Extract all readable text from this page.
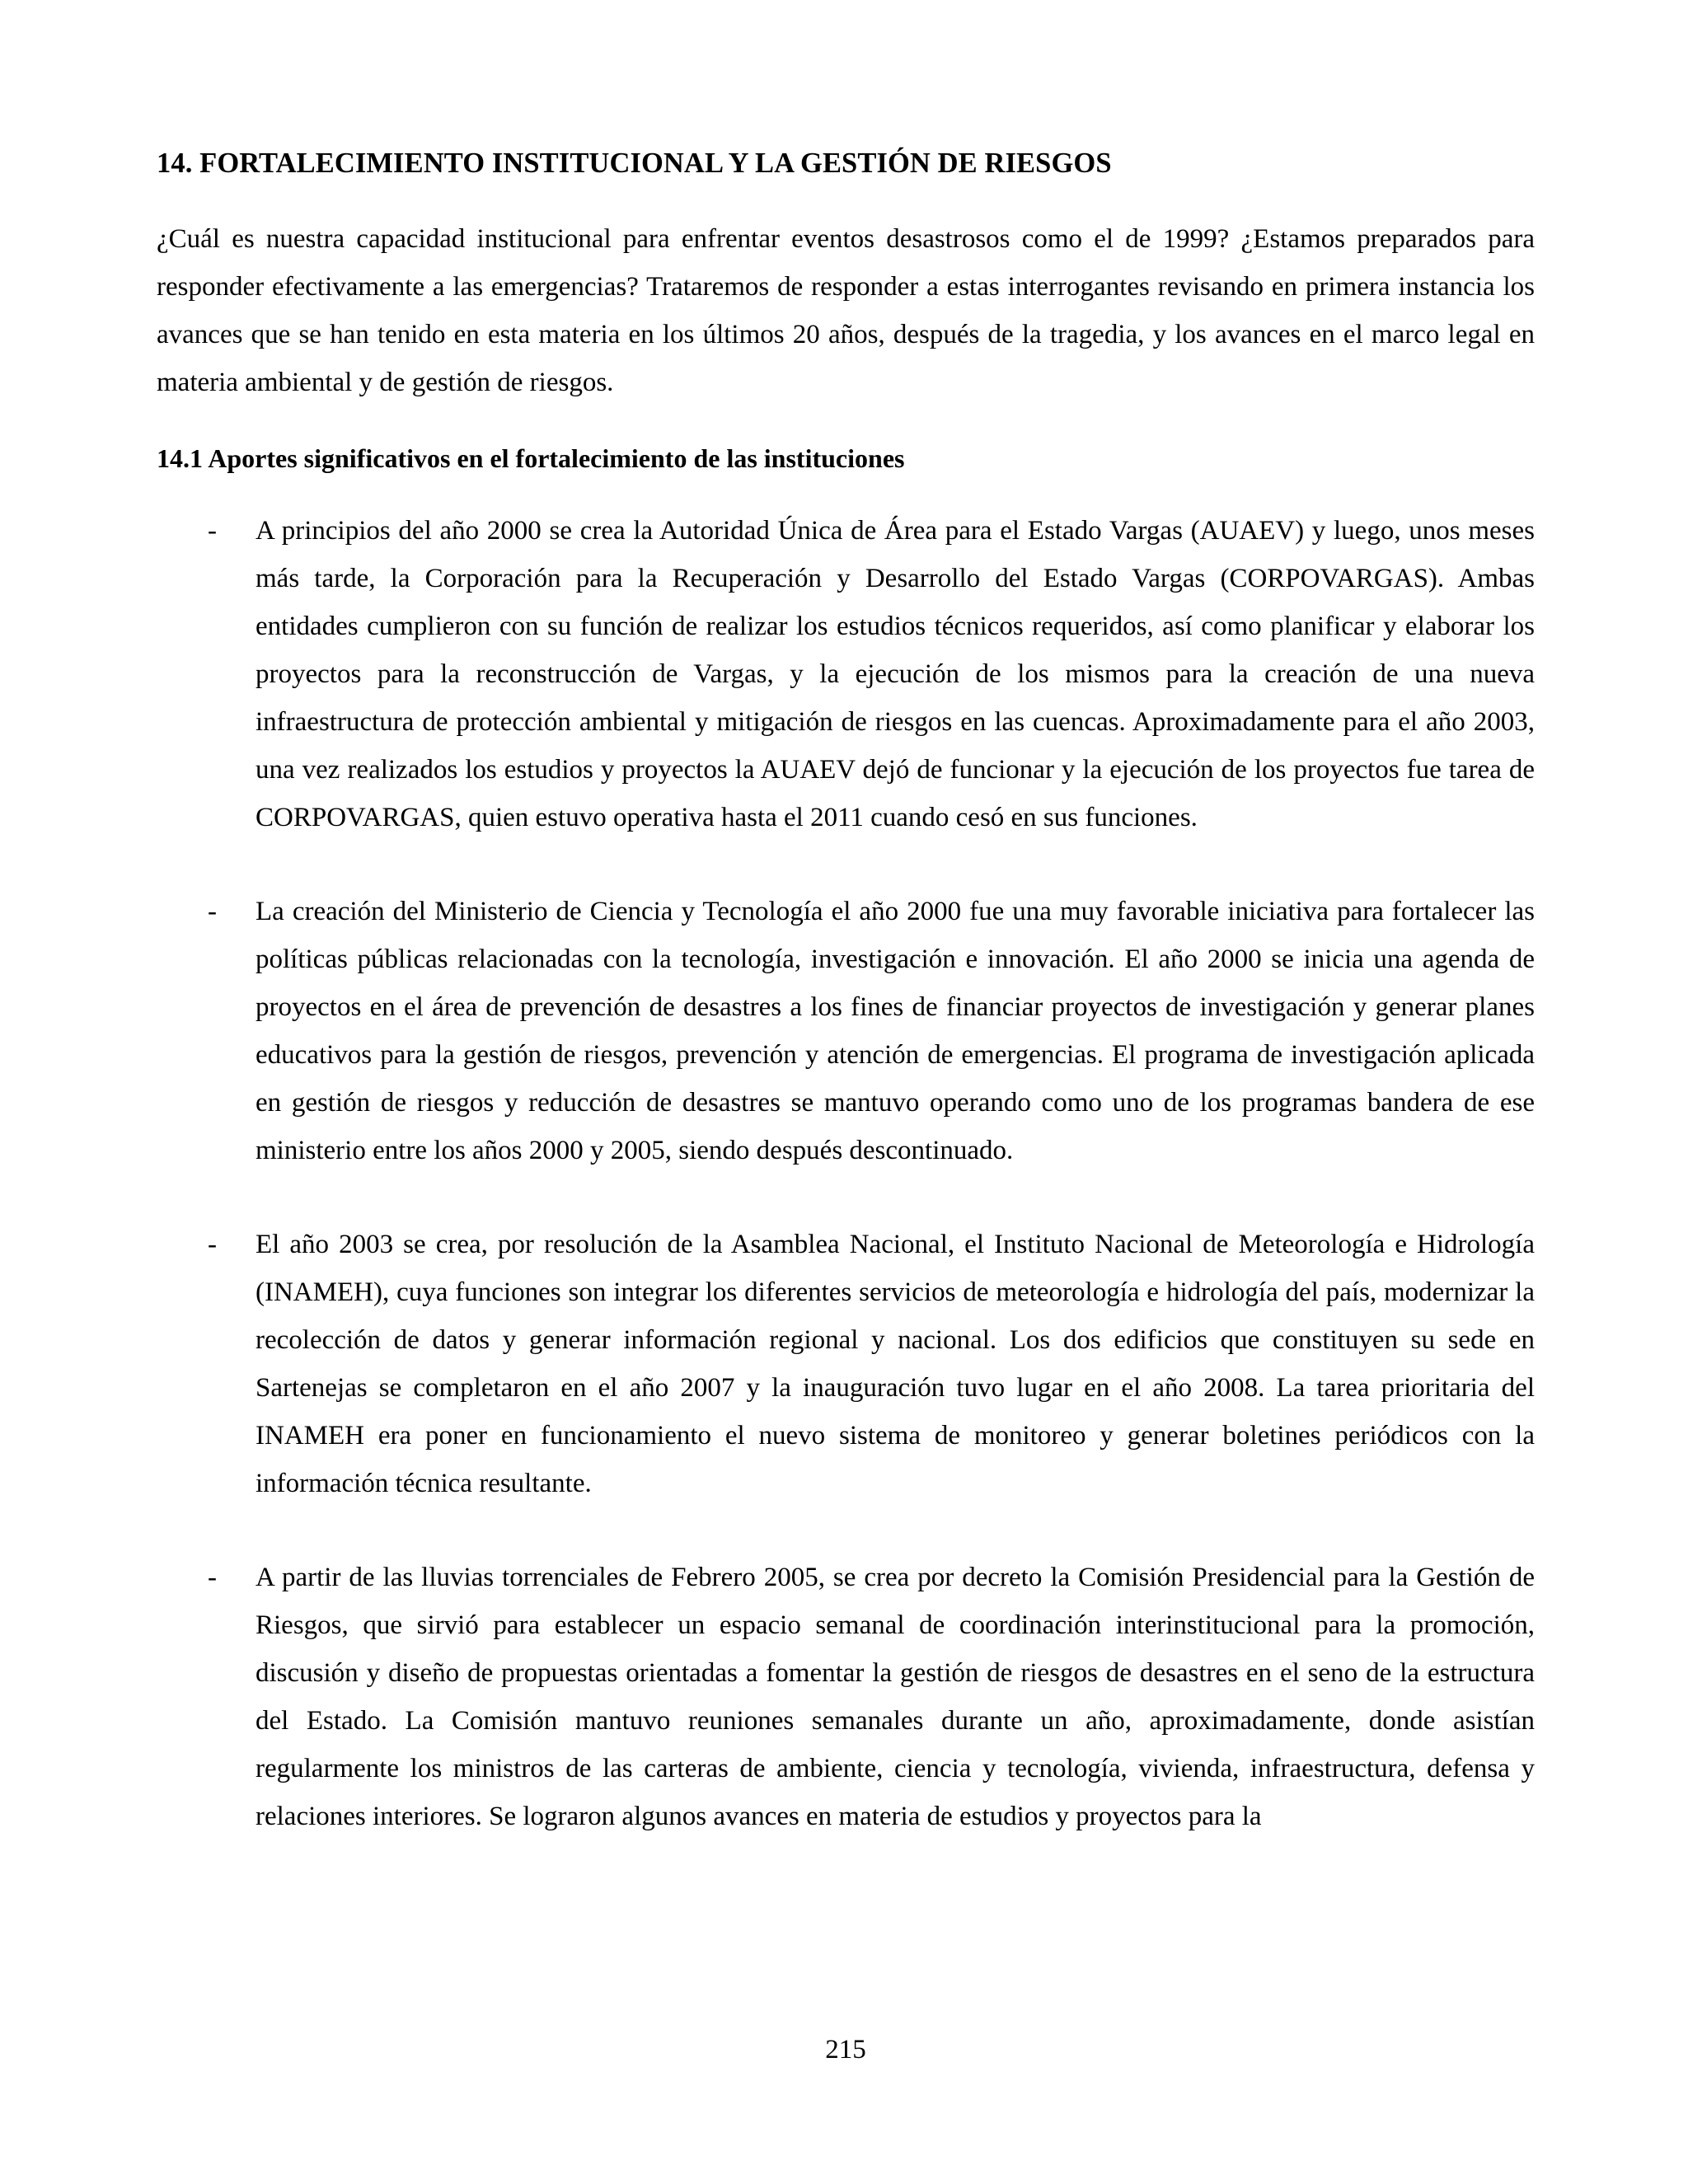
14. FORTALECIMIENTO INSTITUCIONAL Y LA GESTIÓN DE RIESGOS

¿Cuál es nuestra capacidad institucional para enfrentar eventos desastrosos como el de 1999? ¿Estamos preparados para responder efectivamente a las emergencias? Trataremos de responder a estas interrogantes revisando en primera instancia los avances que se han tenido en esta materia en los últimos 20 años, después de la tragedia, y los avances en el marco legal en materia ambiental y de gestión de riesgos.

14.1 Aportes significativos en el fortalecimiento de las instituciones
-	A principios del año 2000 se crea la Autoridad Única de Área para el Estado Vargas (AUAEV) y luego, unos meses más tarde, la Corporación para la Recuperación y Desarrollo del Estado Vargas (CORPOVARGAS). Ambas entidades cumplieron con su función de realizar los estudios técnicos requeridos, así como planificar y elaborar los proyectos para la reconstrucción de Vargas, y la ejecución de los mismos para la creación de una nueva infraestructura de protección ambiental y mitigación de riesgos en las cuencas. Aproximadamente para el año 2003, una vez realizados los estudios y proyectos la AUAEV dejó de funcionar y la ejecución de los proyectos fue tarea de CORPOVARGAS, quien estuvo operativa hasta el 2011 cuando cesó en sus funciones.
-	La creación del Ministerio de Ciencia y Tecnología el año 2000 fue una muy favorable iniciativa para fortalecer las políticas públicas relacionadas con la tecnología, investigación e innovación. El año 2000 se inicia una agenda de proyectos en el área de prevención de desastres a los fines de financiar proyectos de investigación y generar planes educativos para la gestión de riesgos, prevención y atención de emergencias. El programa de investigación aplicada en gestión de riesgos y reducción de desastres se mantuvo operando como uno de los programas bandera de ese ministerio entre los años 2000 y 2005, siendo después descontinuado.
-	El año 2003 se crea, por resolución de la Asamblea Nacional, el Instituto Nacional de Meteorología e Hidrología (INAMEH), cuya funciones son integrar los diferentes servicios de meteorología e hidrología del país, modernizar la recolección de datos y generar información regional y nacional. Los dos edificios que constituyen su sede en Sartenejas se completaron en el año 2007 y la inauguración tuvo lugar en el año 2008. La tarea prioritaria del INAMEH era poner en funcionamiento el nuevo sistema de monitoreo y generar boletines periódicos con la información técnica resultante.
-	A partir de las lluvias torrenciales de Febrero 2005, se crea por decreto la Comisión Presidencial para la Gestión de Riesgos, que sirvió para establecer un espacio semanal de coordinación interinstitucional para la promoción, discusión y diseño de propuestas orientadas a fomentar la gestión de riesgos de desastres en el seno de la estructura del Estado. La Comisión mantuvo reuniones semanales durante un año, aproximadamente, donde asistían regularmente los ministros de las carteras de ambiente, ciencia y tecnología, vivienda, infraestructura, defensa y relaciones interiores. Se lograron algunos avances en materia de estudios y proyectos para la
215
